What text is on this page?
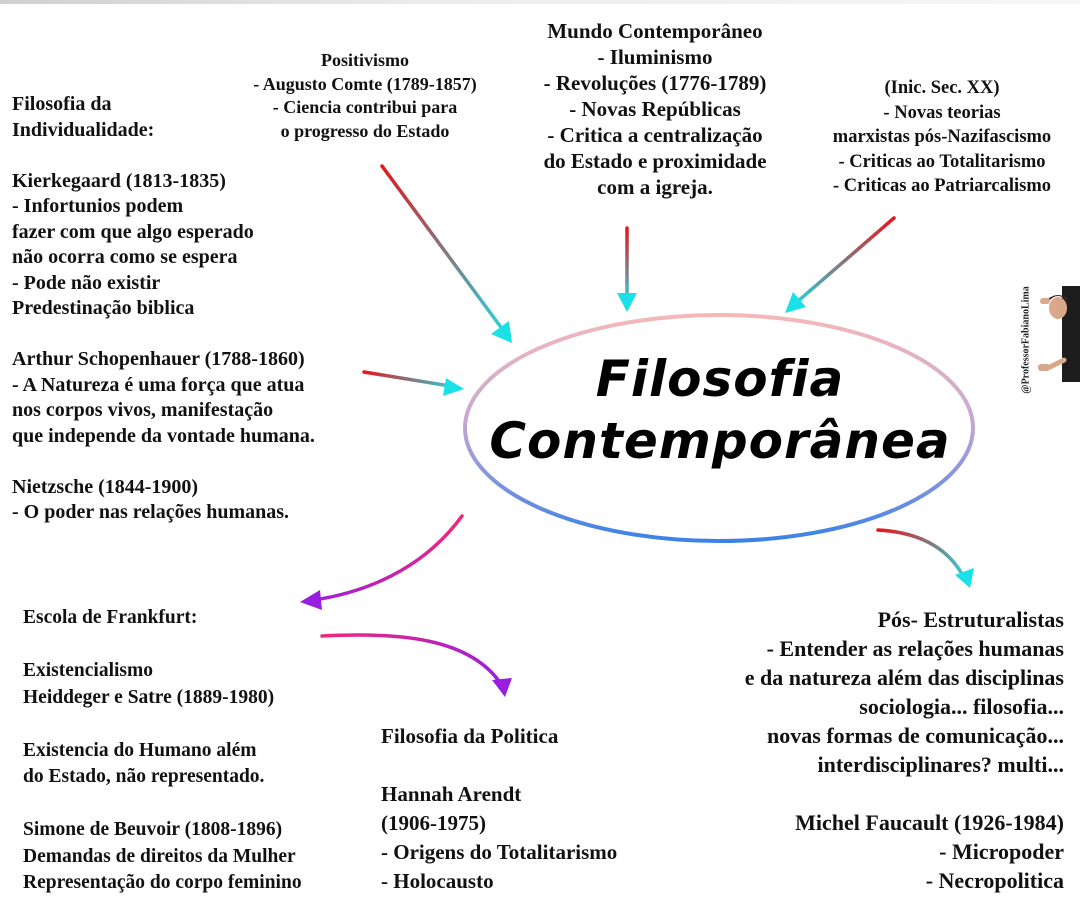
Filosofia
Contemporânea
Filosofia da
Individualidade:

Kierkegaard (1813-1835)
- Infortunios podem
fazer com que algo esperado
não ocorra como se espera
- Pode não existir
Predestinação biblica

Arthur Schopenhauer (1788-1860)
- A Natureza é uma força que atua
nos corpos vivos, manifestação
que independe da vontade humana.

Nietzsche (1844-1900)
- O poder nas relações humanas.
Positivismo
- Augusto Comte (1789-1857)
- Ciencia contribui para
o progresso do Estado
Mundo Contemporâneo
- Iluminismo
- Revoluções (1776-1789)
- Novas Repúblicas
- Critica a centralização
do Estado e proximidade
com a igreja.
(Inic. Sec. XX)
- Novas teorias
marxistas pós-Nazifascismo
- Criticas ao Totalitarismo
- Criticas ao Patriarcalismo
Escola de Frankfurt:

Existencialismo
Heiddeger e Satre (1889-1980)

Existencia do Humano além
do Estado, não representado.

Simone de Beuvoir (1808-1896)
Demandas de direitos da Mulher
Representação do corpo feminino
Filosofia da Politica

Hannah Arendt
(1906-1975)
- Origens do Totalitarismo
- Holocausto
Pós- Estruturalistas
- Entender as relações humanas
e da natureza além das disciplinas
sociologia... filosofia...
novas formas de comunicação...
interdisciplinares? multi...

Michel Faucault (1926-1984)
- Micropoder
- Necropolitica
@ProfessorFabianoLima
